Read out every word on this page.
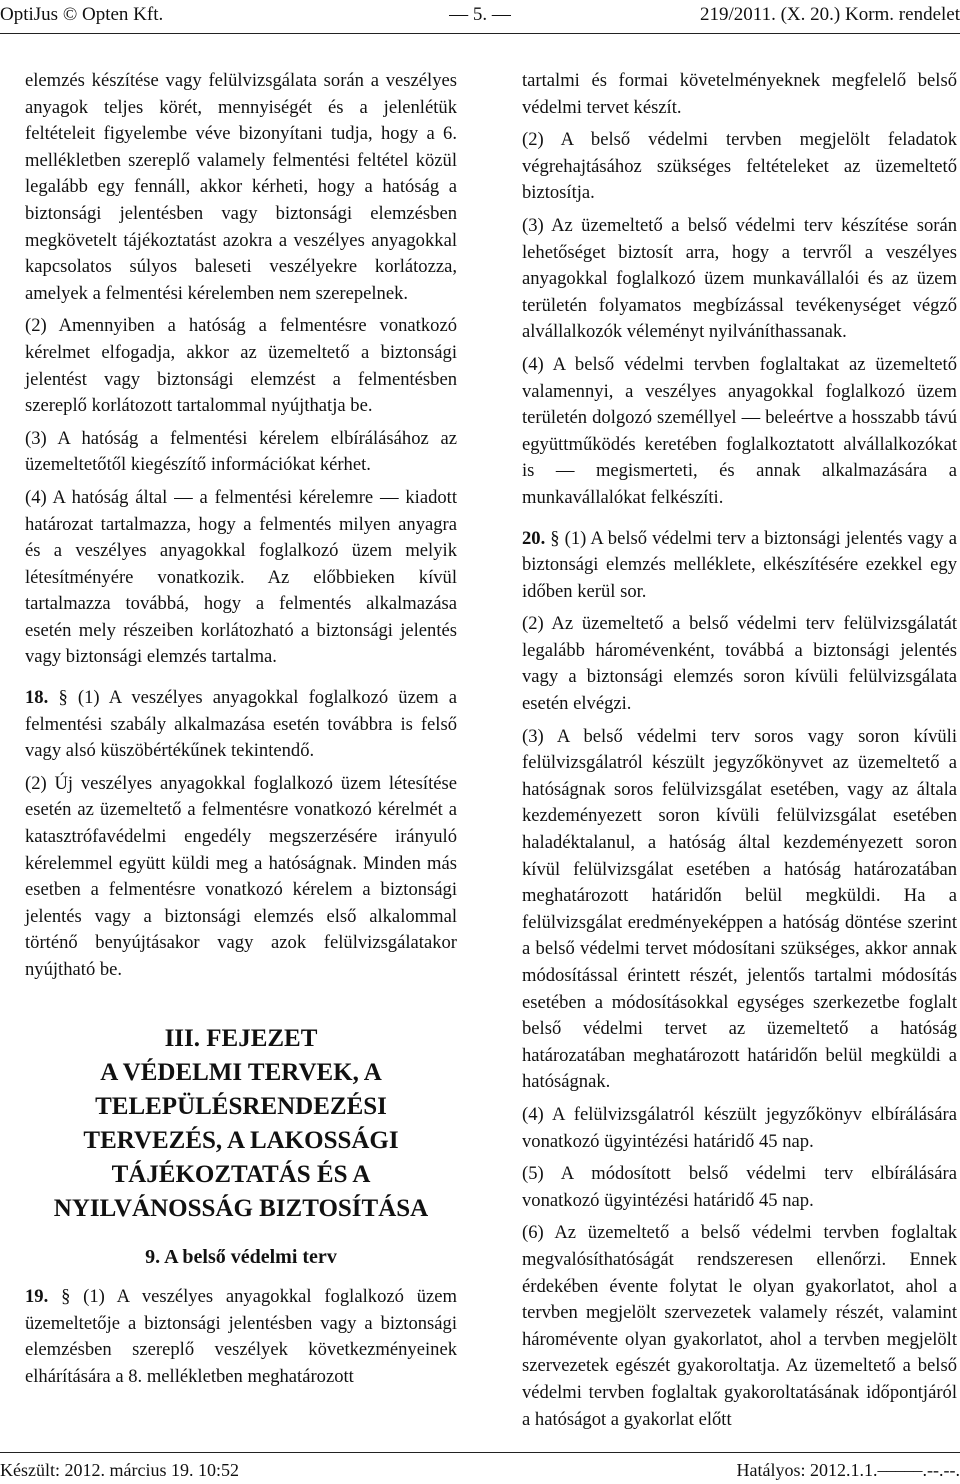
OptiJus © Opten Kft.	— 5. —	219/2011. (X. 20.) Korm. rendelet

elemzés készítése vagy felülvizsgálata során a veszélyes anyagok teljes körét, mennyiségét és a jelenlétük feltételeit figyelembe véve bizonyítani tudja, hogy a 6. mellékletben szereplő valamely felmentési feltétel közül legalább egy fennáll, akkor kérheti, hogy a hatóság a biztonsági jelentésben vagy biztonsági elemzésben megkövetelt tájékoztatást azokra a veszélyes anyagokkal kapcsolatos súlyos baleseti veszélyekre korlátozza, amelyek a felmentési kérelemben nem szerepelnek.

(2) Amennyiben a hatóság a felmentésre vonatkozó kérelmet elfogadja, akkor az üzemeltető a biztonsági jelentést vagy biztonsági elemzést a felmentésben szereplő korlátozott tartalommal nyújthatja be.

(3) A hatóság a felmentési kérelem elbírálásához az üzemeltetőtől kiegészítő információkat kérhet.

(4) A hatóság által — a felmentési kérelemre — kiadott határozat tartalmazza, hogy a felmentés milyen anyagra és a veszélyes anyagokkal foglalkozó üzem melyik létesítményére vonatkozik. Az előbbieken kívül tartalmazza továbbá, hogy a felmentés alkalmazása esetén mely részeiben korlátozható a biztonsági jelentés vagy biztonsági elemzés tartalma.

18. § (1) A veszélyes anyagokkal foglalkozó üzem a felmentési szabály alkalmazása esetén továbbra is felső vagy alsó küszöbértékűnek tekintendő.

(2) Új veszélyes anyagokkal foglalkozó üzem létesítése esetén az üzemeltető a felmentésre vonatkozó kérelmét a katasztrófavédelmi engedély megszerzésére irányuló kérelemmel együtt küldi meg a hatóságnak. Minden más esetben a felmentésre vonatkozó kérelem a biztonsági jelentés vagy a biztonsági elemzés első alkalommal történő benyújtásakor vagy azok felülvizsgálatakor nyújtható be.

III. FEJEZET
A VÉDELMI TERVEK, A
TELEPÜLÉSRENDEZÉSI
TERVEZÉS, A LAKOSSÁGI
TÁJÉKOZTATÁS ÉS A
NYILVÁNOSSÁG BIZTOSÍTÁSA
9. A belső védelmi terv

19. § (1) A veszélyes anyagokkal foglalkozó üzem üzemeltetője a biztonsági jelentésben vagy a biztonsági elemzésben szereplő veszélyek következményeinek elhárítására a 8. mellékletben meghatározott

tartalmi és formai követelményeknek megfelelő belső védelmi tervet készít.

(2) A belső védelmi tervben megjelölt feladatok végrehajtásához szükséges feltételeket az üzemeltető biztosítja.

(3) Az üzemeltető a belső védelmi terv készítése során lehetőséget biztosít arra, hogy a tervről a veszélyes anyagokkal foglalkozó üzem munkavállalói és az üzem területén folyamatos megbízással tevékenységet végző alvállalkozók véleményt nyilváníthassanak.

(4) A belső védelmi tervben foglaltakat az üzemeltető valamennyi, a veszélyes anyagokkal foglalkozó üzem területén dolgozó személlyel — beleértve a hosszabb távú együttműködés keretében foglalkoztatott alvállalkozókat is — megismerteti, és annak alkalmazására a munkavállalókat felkészíti.

20. § (1) A belső védelmi terv a biztonsági jelentés vagy a biztonsági elemzés melléklete, elkészítésére ezekkel egy időben kerül sor.

(2) Az üzemeltető a belső védelmi terv felülvizsgálatát legalább háromévenként, továbbá a biztonsági jelentés vagy a biztonsági elemzés soron kívüli felülvizsgálata esetén elvégzi.

(3) A belső védelmi terv soros vagy soron kívüli felülvizsgálatról készült jegyzőkönyvet az üzemeltető a hatóságnak soros felülvizsgálat esetében, vagy az általa kezdeményezett soron kívüli felülvizsgálat esetében haladéktalanul, a hatóság által kezdeményezett soron kívül felülvizsgálat esetében a hatóság határozatában meghatározott határidőn belül megküldi. Ha a felülvizsgálat eredményeképpen a hatóság döntése szerint a belső védelmi tervet módosítani szükséges, akkor annak módosítással érintett részét, jelentős tartalmi módosítás esetében a módosításokkal egységes szerkezetbe foglalt belső védelmi tervet az üzemeltető a hatóság határozatában meghatározott határidőn belül megküldi a hatóságnak.

(4) A felülvizsgálatról készült jegyzőkönyv elbírálására vonatkozó ügyintézési határidő 45 nap.

(5) A módosított belső védelmi terv elbírálására vonatkozó ügyintézési határidő 45 nap.

(6) Az üzemeltető a belső védelmi tervben foglaltak megvalósíthatóságát rendszeresen ellenőrzi. Ennek érdekében évente folytat le olyan gyakorlatot, ahol a tervben megjelölt szervezetek valamely részét, valamint háromévente olyan gyakorlatot, ahol a tervben megjelölt szervezetek egészét gyakoroltatja. Az üzemeltető a belső védelmi tervben foglaltak gyakoroltatásának időpontjáról a hatóságot a gyakorlat előtt

Készült: 2012. március 19. 10:52	Hatályos: 2012.1.1.–––––.--.--.
